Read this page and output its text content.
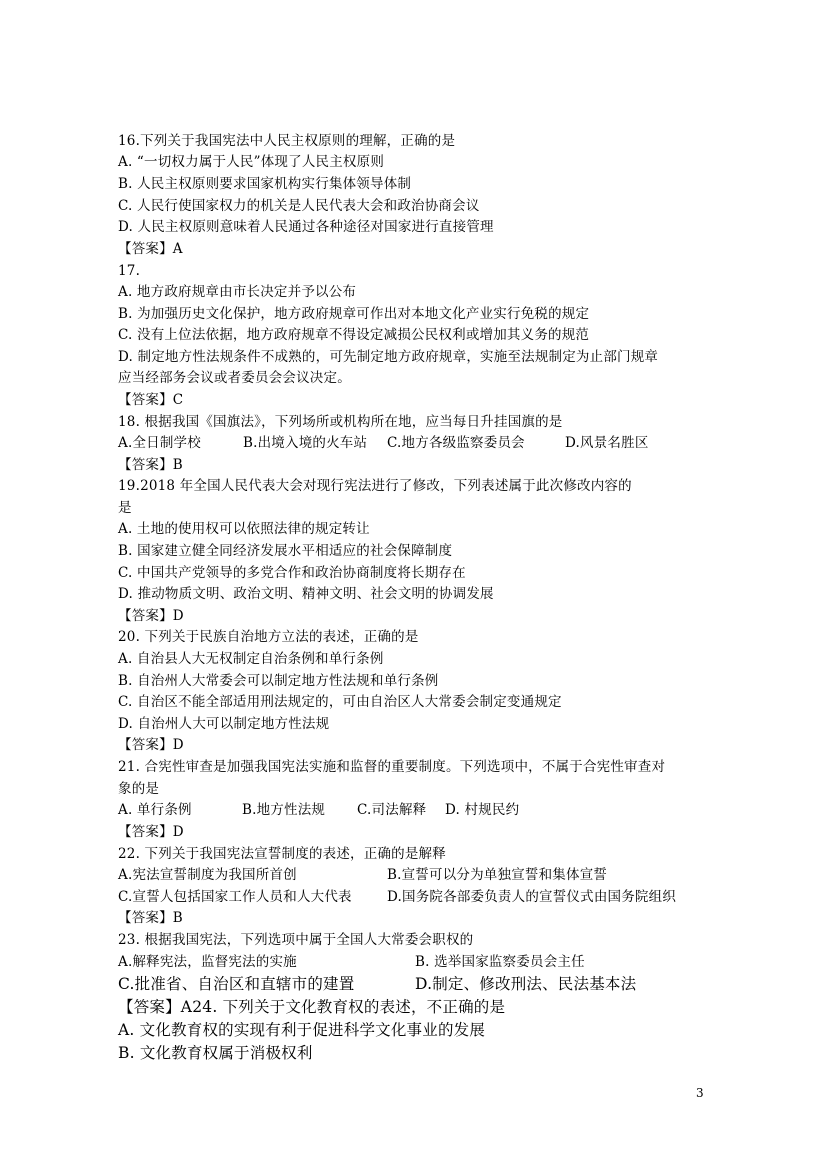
16.下列关于我国宪法中人民主权原则的理解，正确的是
A. “一切权力属于人民”体现了人民主权原则
B. 人民主权原则要求国家机构实行集体领导体制
C. 人民行使国家权力的机关是人民代表大会和政治协商会议
D. 人民主权原则意味着人民通过各种途径对国家进行直接管理
【答案】A
17.
A. 地方政府规章由市长决定并予以公布
B. 为加强历史文化保护，地方政府规章可作出对本地文化产业实行免税的规定
C. 没有上位法依据，地方政府规章不得设定减损公民权利或增加其义务的规范
D. 制定地方性法规条件不成熟的，可先制定地方政府规章，实施至法规制定为止部门规章
应当经部务会议或者委员会会议决定。
【答案】C
18. 根据我国《国旗法》，下列场所或机构所在地，应当每日升挂国旗的是
A.全日制学校	B.出境入境的火车站 C.地方各级监察委员会	D.风景名胜区
【答案】B
19.2018 年全国人民代表大会对现行宪法进行了修改，下列表述属于此次修改内容的
是
A. 土地的使用权可以依照法律的规定转让
B. 国家建立健全同经济发展水平相适应的社会保障制度
C. 中国共产党领导的多党合作和政治协商制度将长期存在
D. 推动物质文明、政治文明、精神文明、社会文明的协调发展
【答案】D
20. 下列关于民族自治地方立法的表述，正确的是
A. 自治县人大无权制定自治条例和单行条例
B. 自治州人大常委会可以制定地方性法规和单行条例
C. 自治区不能全部适用刑法规定的，可由自治区人大常委会制定变通规定
D. 自治州人大可以制定地方性法规
【答案】D
21. 合宪性审查是加强我国宪法实施和监督的重要制度。下列选项中，不属于合宪性审查对
象的是
A. 单行条例	B.地方性法规 C.司法解释 D. 村规民约
【答案】D
22. 下列关于我国宪法宣誓制度的表述，正确的是解释
A.宪法宣誓制度为我国所首创	B.宣誓可以分为单独宣誓和集体宣誓
C.宣誓人包括国家工作人员和人大代表	D.国务院各部委负责人的宣誓仪式由国务院组织
【答案】B
23. 根据我国宪法，下列选项中属于全国人大常委会职权的
A.解释宪法，监督宪法的实施	B. 选举国家监察委员会主任
C.批准省、自治区和直辖市的建置	D.制定、修改刑法、民法基本法
【答案】A24. 下列关于文化教育权的表述，不正确的是
A. 文化教育权的实现有利于促进科学文化事业的发展
B. 文化教育权属于消极权利
3
